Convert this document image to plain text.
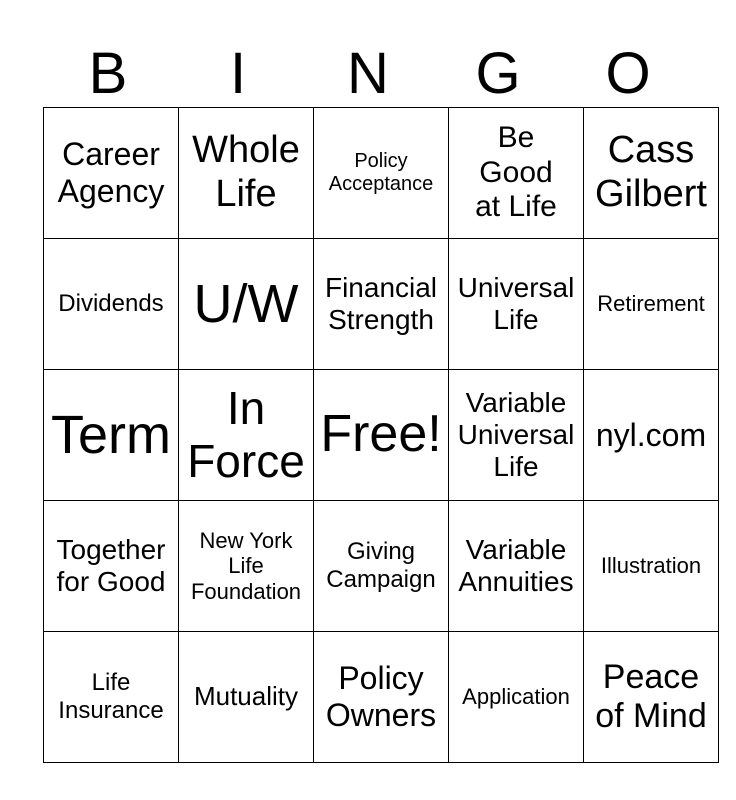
B	I	N	G	O
Career
Agency	Whole
Life	Policy
Acceptance	Be
Good
at Life	Cass
Gilbert

Dividends	U/W	Financial
Strength	Universal
Life	Retirement

Term	In
Force	Free!	Variable
Universal
Life	nyl.com

Together
for Good	New York
Life
Foundation	Giving
Campaign	Variable
Annuities	Illustration

Life
Insurance	Mutuality	Policy
Owners	Application	Peace
of Mind
